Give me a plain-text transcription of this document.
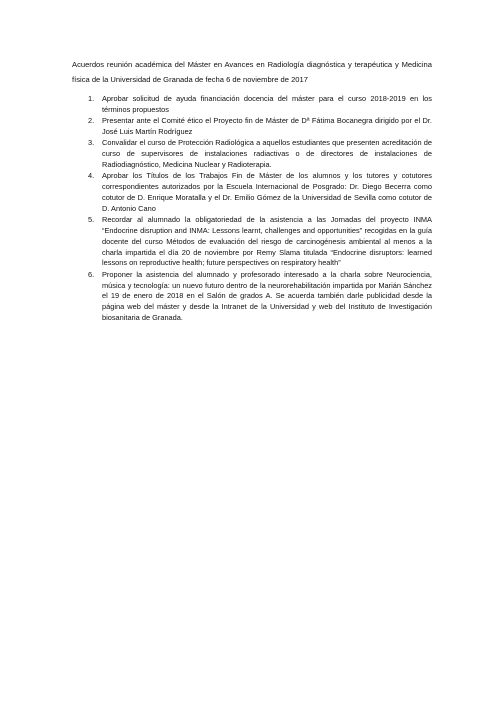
Acuerdos reunión académica del Máster en Avances en Radiología diagnóstica y terapéutica y Medicina física de la Universidad de Granada de fecha 6 de noviembre de 2017

1. Aprobar solicitud de ayuda financiación docencia del máster para el curso 2018-2019 en los términos propuestos
2. Presentar ante el Comité ético el Proyecto fin de Máster de Dª Fátima Bocanegra dirigido por el Dr. José Luis Martín Rodríguez
3. Convalidar el curso de Protección Radiológica a aquellos estudiantes que presenten acreditación de curso de supervisores de instalaciones radiactivas o de directores de instalaciones de Radiodiagnóstico, Medicina Nuclear y Radioterapia.
4. Aprobar los Títulos de los Trabajos Fin de Máster de los alumnos y los tutores y cotutores correspondientes autorizados por la Escuela Internacional de Posgrado: Dr. Diego Becerra como cotutor de D. Enrique Moratalla y el Dr. Emilio Gómez de la Universidad de Sevilla como cotutor de D. Antonio Cano
5. Recordar al alumnado la obligatoriedad de la asistencia a las Jornadas del proyecto INMA “Endocrine disruption and INMA: Lessons learnt, challenges and opportunities” recogidas en la guía docente del curso Métodos de evaluación del riesgo de carcinogénesis ambiental al menos a la charla impartida el día 20 de noviembre por Remy Slama titulada “Endocrine disruptors: learned lessons on reproductive health; future perspectives on respiratory health”
6. Proponer la asistencia del alumnado y profesorado interesado a la charla sobre Neurociencia, música y tecnología: un nuevo futuro dentro de la neurorehabilitación impartida por Marián Sánchez el 19 de enero de 2018 en el Salón de grados A. Se acuerda también darle publicidad desde la página web del máster y desde la Intranet de la Universidad y web del Instituto de Investigación biosanitaria de Granada.
